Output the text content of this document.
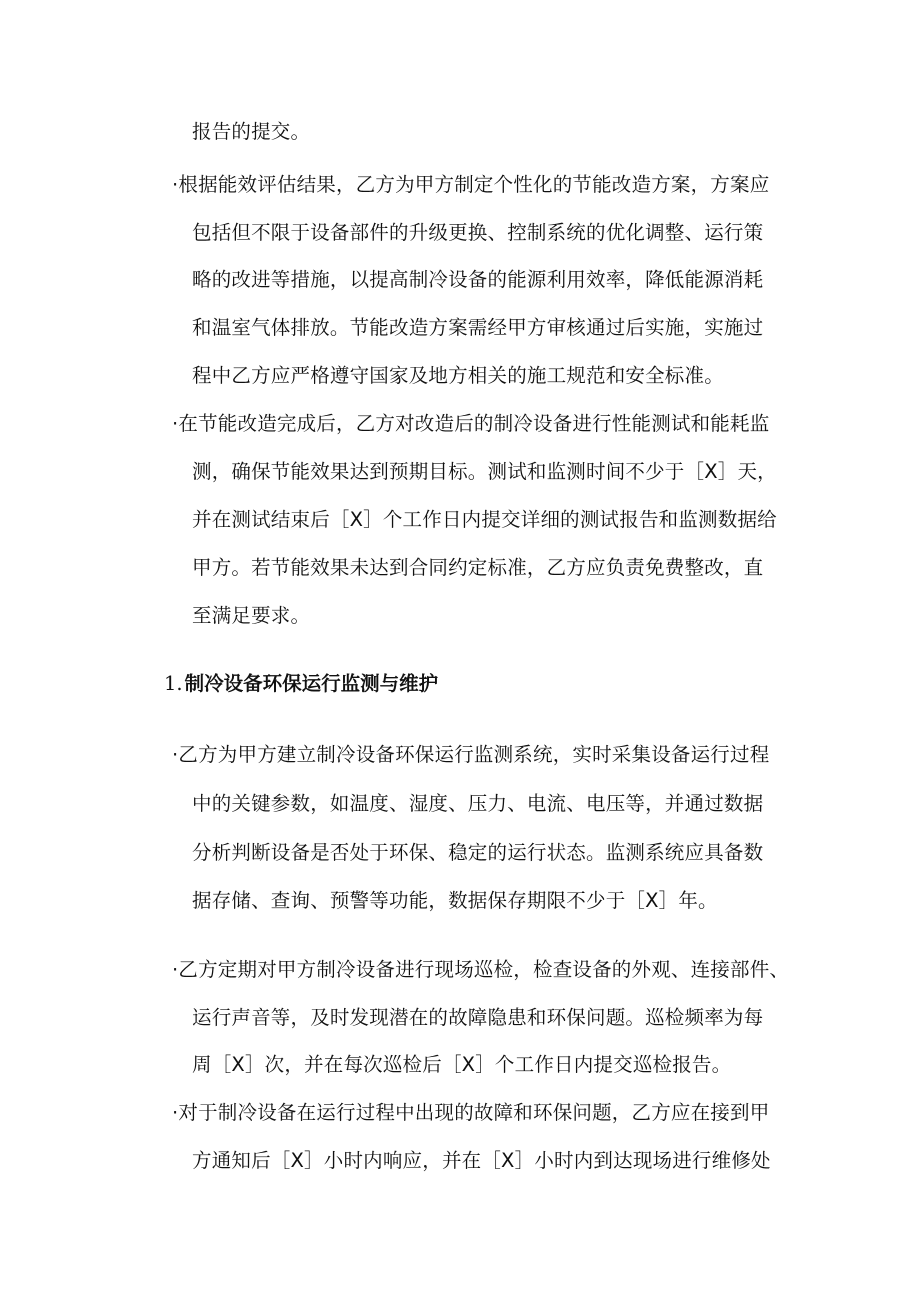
报告的提交。
·根据能效评估结果，乙方为甲方制定个性化的节能改造方案，方案应
包括但不限于设备部件的升级更换、控制系统的优化调整、运行策
略的改进等措施，以提高制冷设备的能源利用效率，降低能源消耗
和温室气体排放。节能改造方案需经甲方审核通过后实施，实施过
程中乙方应严格遵守国家及地方相关的施工规范和安全标准。
·在节能改造完成后，乙方对改造后的制冷设备进行性能测试和能耗监
测，确保节能效果达到预期目标。测试和监测时间不少于［X］天，
并在测试结束后［X］个工作日内提交详细的测试报告和监测数据给
甲方。若节能效果未达到合同约定标准，乙方应负责免费整改，直
至满足要求。
1. 制冷设备环保运行监测与维护
·乙方为甲方建立制冷设备环保运行监测系统，实时采集设备运行过程
中的关键参数，如温度、湿度、压力、电流、电压等，并通过数据
分析判断设备是否处于环保、稳定的运行状态。监测系统应具备数
据存储、查询、预警等功能，数据保存期限不少于［X］年。
·乙方定期对甲方制冷设备进行现场巡检，检查设备的外观、连接部件、
运行声音等，及时发现潜在的故障隐患和环保问题。巡检频率为每
周［X］次，并在每次巡检后［X］个工作日内提交巡检报告。
·对于制冷设备在运行过程中出现的故障和环保问题，乙方应在接到甲
方通知后［X］小时内响应，并在［X］小时内到达现场进行维修处
